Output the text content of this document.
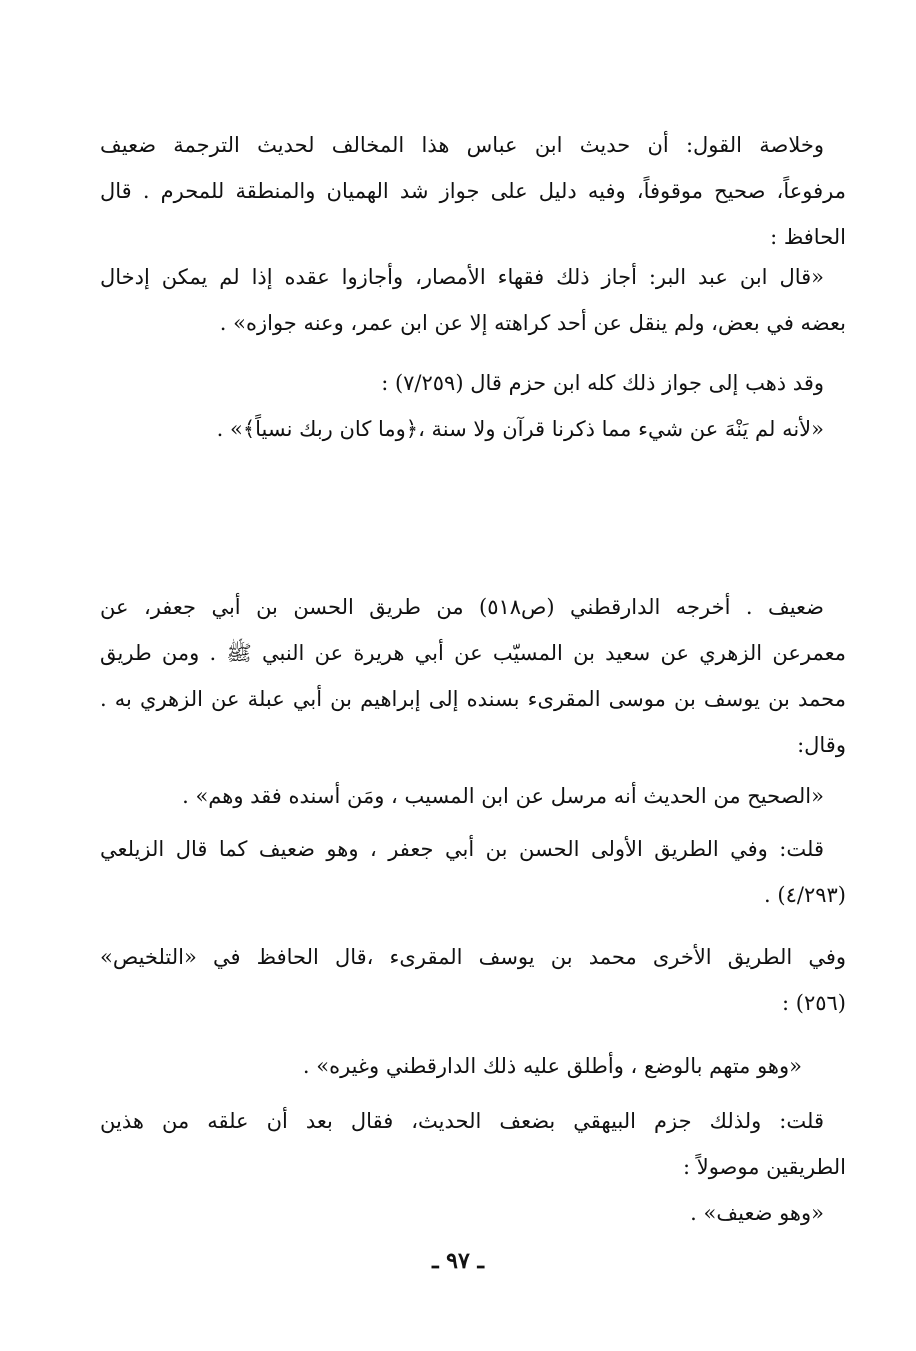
وخلاصة القول: أن حديث ابن عباس هذا المخالف لحديث الترجمة ضعيف
مرفوعاً، صحيح موقوفاً، وفيه دليل على جواز شد الهميان والمنطقة للمحرم . قال
الحافظ :
«قال ابن عبد البر: أجاز ذلك فقهاء الأمصار، وأجازوا عقده إذا لم يمكن إدخال
بعضه في بعض، ولم ينقل عن أحد كراهته إلا عن ابن عمر، وعنه جوازه» .
وقد ذهب إلى جواز ذلك كله ابن حزم قال (٧/٢٥٩) :
«لأنه لم يَنْهَ عن شيء مما ذكرنا قرآن ولا سنة ،﴿وما كان ربك نسياً﴾» .
ضعيف . أخرجه الدارقطني (ص٥١٨) من طريق الحسن بن أبي جعفر، عن
معمرعن الزهري عن سعيد بن المسيّب عن أبي هريرة عن النبي ﷺ . ومن طريق
محمد بن يوسف بن موسى المقرىء بسنده إلى إبراهيم بن أبي عبلة عن الزهري به .
وقال:
«الصحيح من الحديث أنه مرسل عن ابن المسيب ، ومَن أسنده فقد وهم» .
قلت: وفي الطريق الأولى الحسن بن أبي جعفر ، وهو ضعيف كما قال الزيلعي
(٤/٢٩٣) .
وفي الطريق الأخرى محمد بن يوسف المقرىء ،قال الحافظ في «التلخيص»
(٢٥٦) :
«وهو متهم بالوضع ، وأطلق عليه ذلك الدارقطني وغيره» .
قلت: ولذلك جزم البيهقي بضعف الحديث، فقال بعد أن علقه من هذين
الطريقين موصولاً :
«وهو ضعيف» .
ـ ٩٧ ـ
